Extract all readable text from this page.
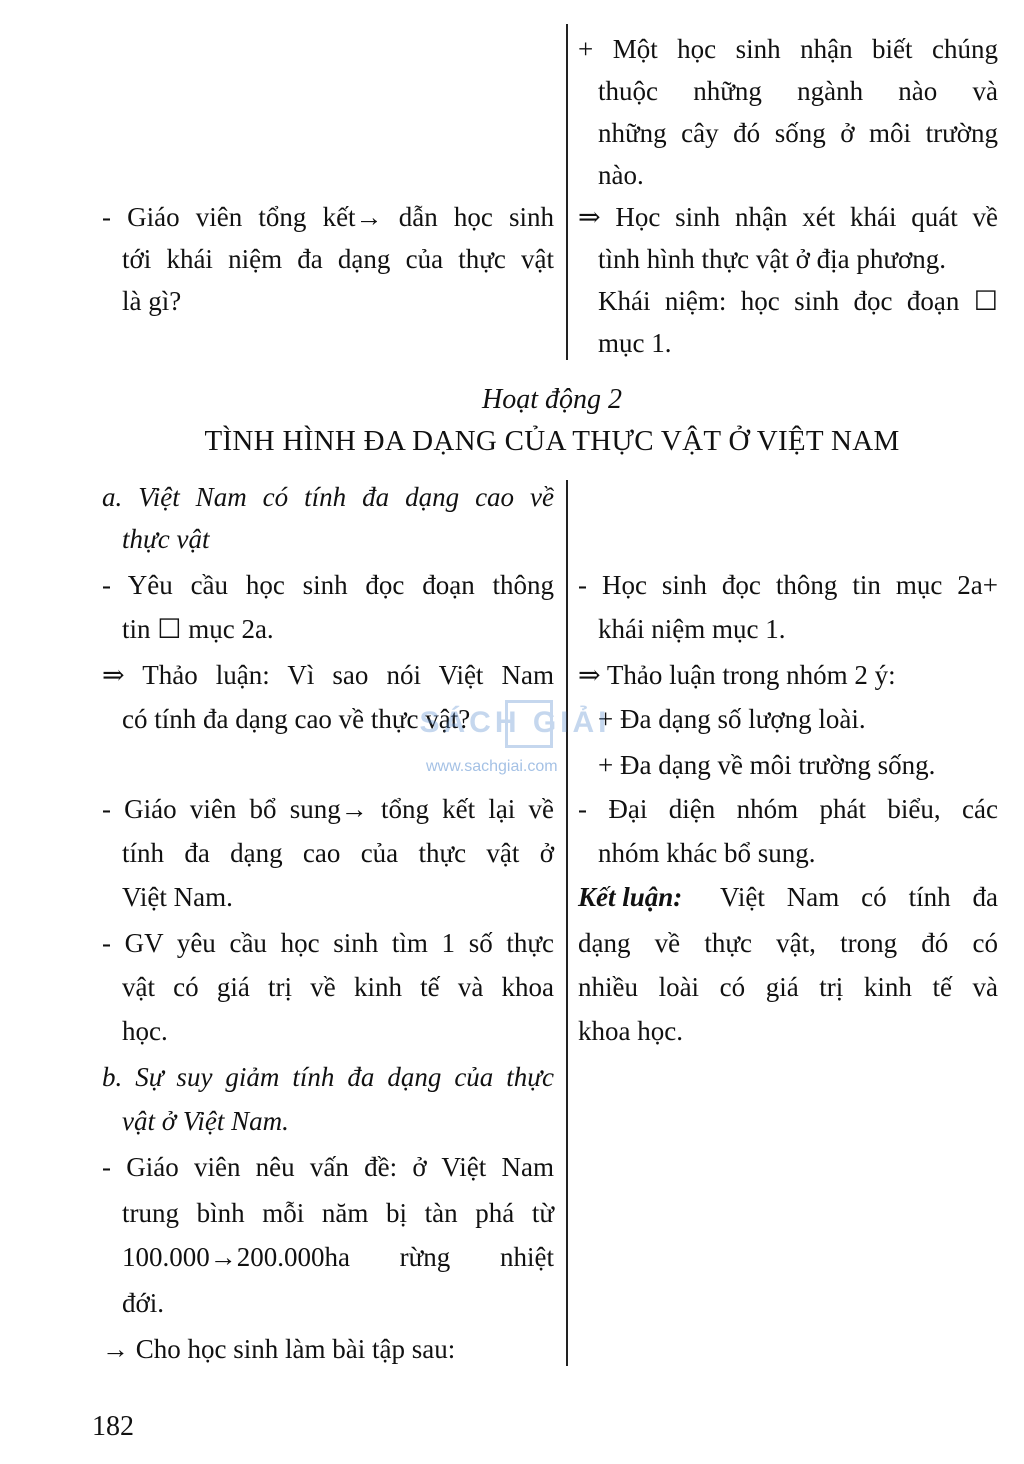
+ Một học sinh nhận biết chúng
thuộc những ngành nào và
những cây đó sống ở môi trường
nào.
⇒ Học sinh nhận xét khái quát về
tình hình thực vật ở địa phương.
Khái niệm: học sinh đọc đoạn ☐
mục 1.
- Giáo viên tổng kết→ dẫn học sinh
tới khái niệm đa dạng của thực vật
là gì?
Hoạt động 2
TÌNH HÌNH ĐA DẠNG CỦA THỰC VẬT Ở VIỆT NAM
a. Việt Nam có tính đa dạng cao về
thực vật
- Yêu cầu học sinh đọc đoạn thông
tin ☐ mục 2a.
⇒ Thảo luận: Vì sao nói Việt Nam
có tính đa dạng cao về thực vật?
- Giáo viên bổ sung→ tổng kết lại về
tính đa dạng cao của thực vật ở
Việt Nam.
- GV yêu cầu học sinh tìm 1 số thực
vật có giá trị về kinh tế và khoa
học.
b. Sự suy giảm tính đa dạng của thực
vật ở Việt Nam.
- Giáo viên nêu vấn đề: ở Việt Nam
trung bình mỗi năm bị tàn phá từ
100.000→200.000ha rừng nhiệt
đới.
→ Cho học sinh làm bài tập sau:
- Học sinh đọc thông tin mục 2a+
khái niệm mục 1.
⇒ Thảo luận trong nhóm 2 ý:
+ Đa dạng số lượng loài.
+ Đa dạng về môi trường sống.
- Đại diện nhóm phát biểu, các
nhóm khác bổ sung.
Kết luận: Việt Nam có tính đa
dạng về thực vật, trong đó có
nhiều loài có giá trị kinh tế và
khoa học.
SÁCH GIẢI
www.sachgiai.com
182
